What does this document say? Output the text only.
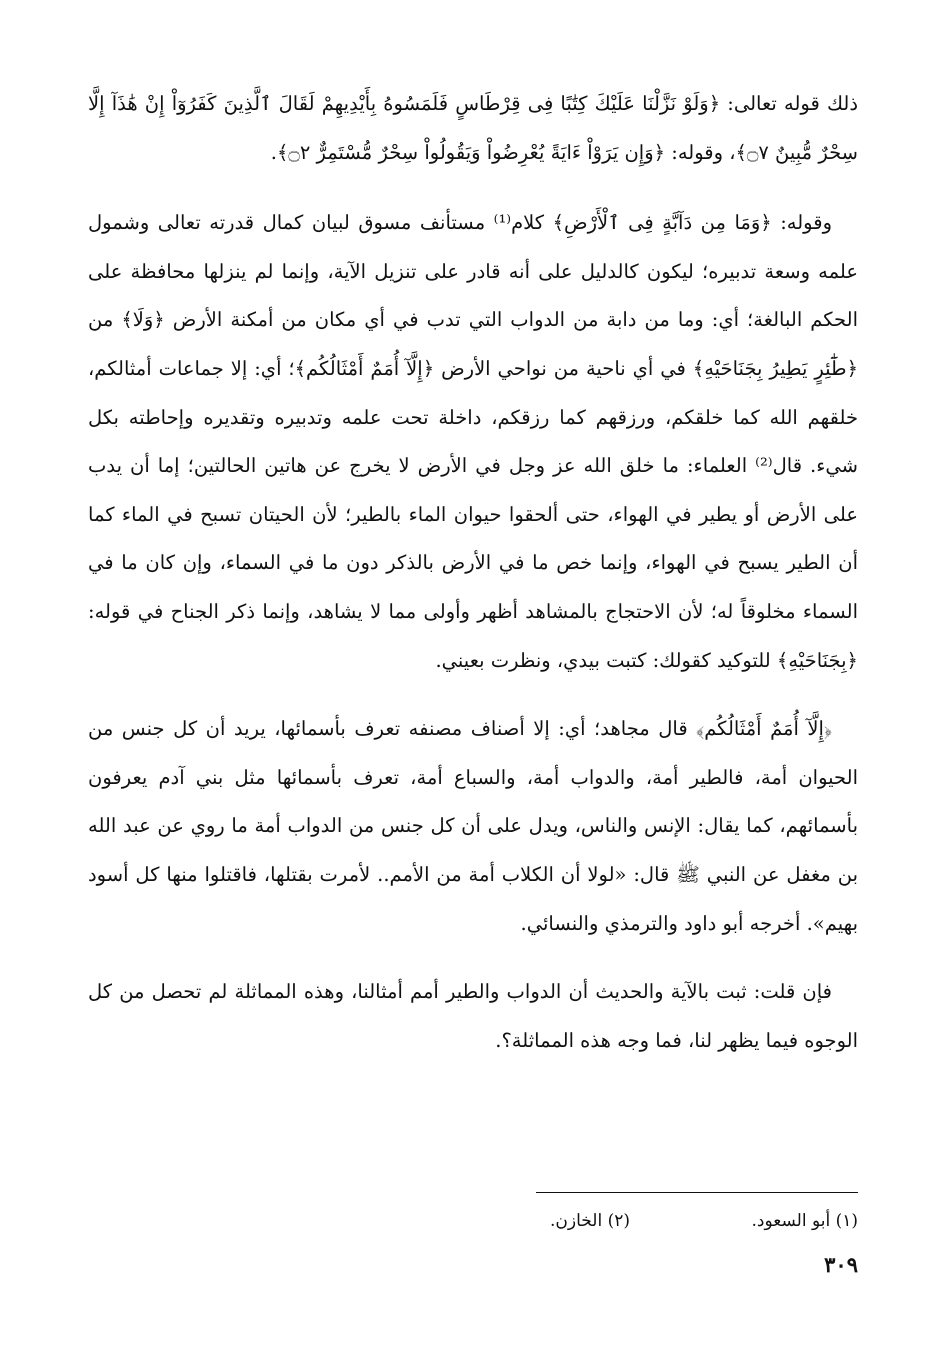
ذلك قوله تعالى: ﴿وَلَوْ نَزَّلْنَا عَلَيْكَ كِتَٰبًا فِى قِرْطَاسٍ فَلَمَسُوهُ بِأَيْدِيهِمْ لَقَالَ ٱلَّذِينَ كَفَرُوٓاْ إِنْ هَٰذَآ إِلَّا سِحْرٌ مُّبِينٌ ۝٧﴾، وقوله: ﴿وَإِن يَرَوْاْ ءَايَةً يُعْرِضُواْ وَيَقُولُواْ سِحْرٌ مُّسْتَمِرٌّ ۝٢﴾.

وقوله: ﴿وَمَا مِن دَآبَّةٍ فِى ٱلْأَرْضِ﴾ كلام⁽¹⁾ مستأنف مسوق لبيان كمال قدرته تعالى وشمول علمه وسعة تدبيره؛ ليكون كالدليل على أنه قادر على تنزيل الآية، وإنما لم ينزلها محافظة على الحكم البالغة؛ أي: وما من دابة من الدواب التي تدب في أي مكان من أمكنة الأرض ﴿وَلَا﴾ من ﴿طَٰٓئِرٍ يَطِيرُ بِجَنَاحَيْهِ﴾ في أي ناحية من نواحي الأرض ﴿إِلَّآ أُمَمٌ أَمْثَالُكُم﴾؛ أي: إلا جماعات أمثالكم، خلقهم الله كما خلقكم، ورزقهم كما رزقكم، داخلة تحت علمه وتدبيره وتقديره وإحاطته بكل شيء. قال⁽²⁾ العلماء: ما خلق الله عز وجل في الأرض لا يخرج عن هاتين الحالتين؛ إما أن يدب على الأرض أو يطير في الهواء، حتى ألحقوا حيوان الماء بالطير؛ لأن الحيتان تسبح في الماء كما أن الطير يسبح في الهواء، وإنما خص ما في الأرض بالذكر دون ما في السماء، وإن كان ما في السماء مخلوقاً له؛ لأن الاحتجاج بالمشاهد أظهر وأولى مما لا يشاهد، وإنما ذكر الجناح في قوله: ﴿بِجَنَاحَيْهِ﴾ للتوكيد كقولك: كتبت بيدي، ونظرت بعيني.

﴿إِلَّآ أُمَمٌ أَمْثَالُكُم﴾ قال مجاهد؛ أي: إلا أصناف مصنفه تعرف بأسمائها، يريد أن كل جنس من الحيوان أمة، فالطير أمة، والدواب أمة، والسباع أمة، تعرف بأسمائها مثل بني آدم يعرفون بأسمائهم، كما يقال: الإنس والناس، ويدل على أن كل جنس من الدواب أمة ما روي عن عبد الله بن مغفل عن النبي ﷺ قال: «لولا أن الكلاب أمة من الأمم.. لأمرت بقتلها، فاقتلوا منها كل أسود بهيم». أخرجه أبو داود والترمذي والنسائي.

فإن قلت: ثبت بالآية والحديث أن الدواب والطير أمم أمثالنا، وهذه المماثلة لم تحصل من كل الوجوه فيما يظهر لنا، فما وجه هذه المماثلة؟.

(١) أبو السعود.
(٢) الخازن.
٣٠٩
